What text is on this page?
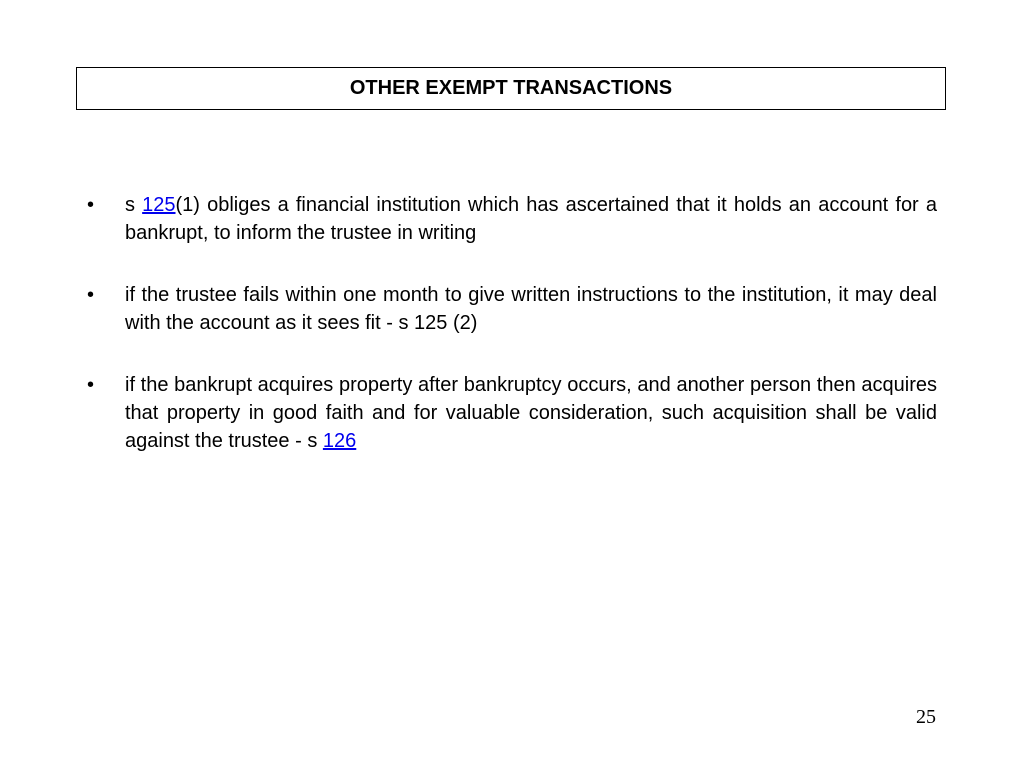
OTHER EXEMPT TRANSACTIONS
•	s 125(1) obliges a financial institution which has ascertained that it holds an account for a bankrupt, to inform the trustee in writing
•	if the trustee fails within one month to give written instructions to the institution, it may deal with the account as it sees fit - s 125 (2)
•	if the bankrupt acquires property after bankruptcy occurs, and another person then acquires that property in good faith and for valuable consideration, such acquisition shall be valid against the trustee - s 126
25
